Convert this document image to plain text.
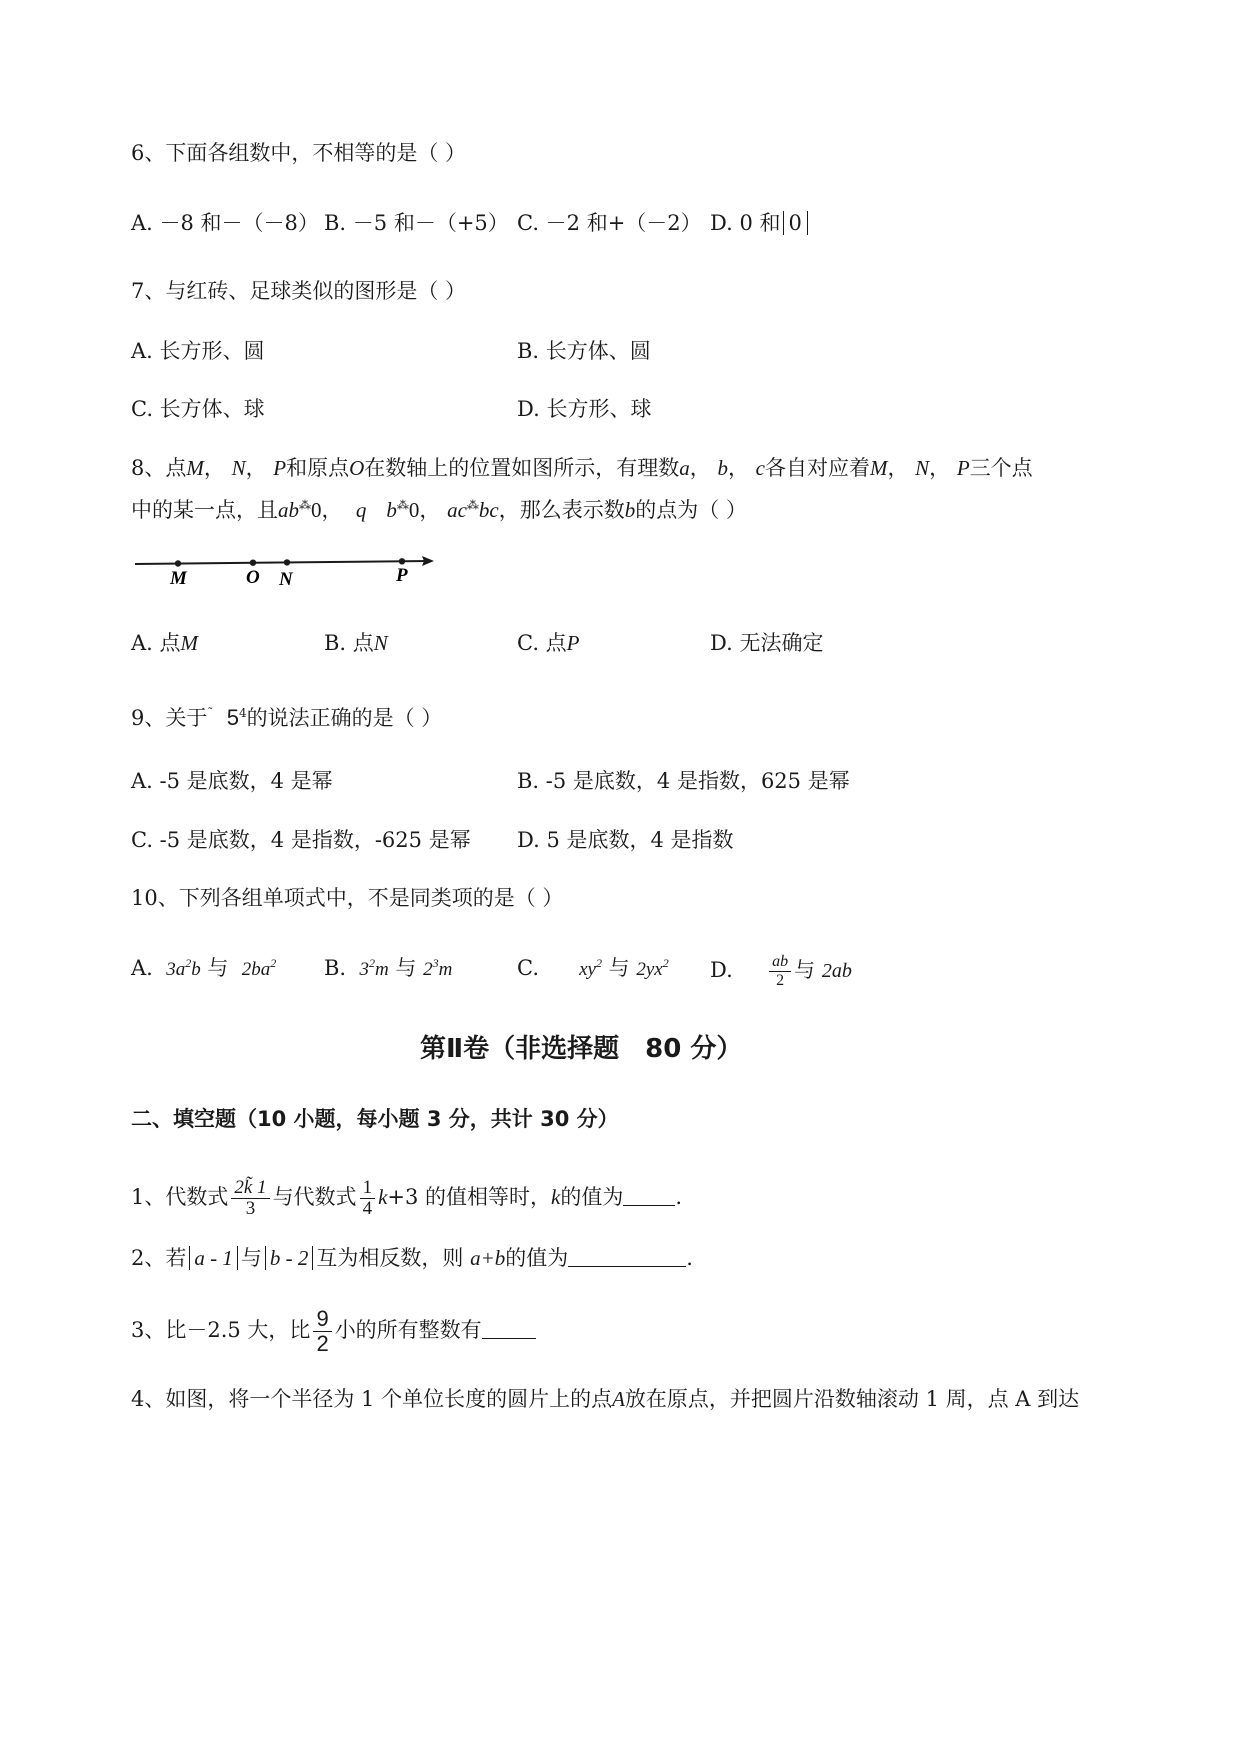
6、下面各组数中，不相等的是（ ）
A. －8 和－（－8） B. －5 和－（+5） C. －2 和+（－2） D. 0 和 0
7、与红砖、足球类似的图形是（ ）
A. 长方形、圆	B. 长方体、圆
C. 长方体、球	D. 长方形、球
8、点M， N， P和原点O在数轴上的位置如图所示，有理数a， b， c各自对应着M， N， P三个点
中的某一点，且ab⁂0，  q b⁂0， ac⁂bc，那么表示数b的点为（ ）
M	O N	P
A. 点M	B. 点N	C. 点P	D. 无法确定
9、关于˜ $5^4$的说法正确的是（ ）
A. -5 是底数，4 是幂	B. -5 是底数，4 是指数，625 是幂
C. -5 是底数，4 是指数，-625 是幂 D. 5 是底数，4 是指数
10、下列各组单项式中，不是同类项的是（ ）
A. $3a^2b$ 与 $2ba^2$ B. $3^2m$ 与 $2^3m$	C. $xy^2$ 与 $2yx^2$ D. $\frac{ab}{2}$ 与 2ab
第Ⅱ卷（非选择题　80 分）
二、填空题（10 小题，每小题 3 分，共计 30 分）
1、代数式 $\frac{2k̃ 1}{3}$ 与代数式 $\frac{1}{4} k+3$ 的值相等时，k的值为 .
2、若 a - 1 与 b - 2 互为相反数，则 a+b的值为	.
3、比－2.5 大，比 $\frac{9}{2}$ 小的所有整数有
4、如图，将一个半径为 1 个单位长度的圆片上的点A放在原点，并把圆片沿数轴滚动 1 周，点 A 到达
